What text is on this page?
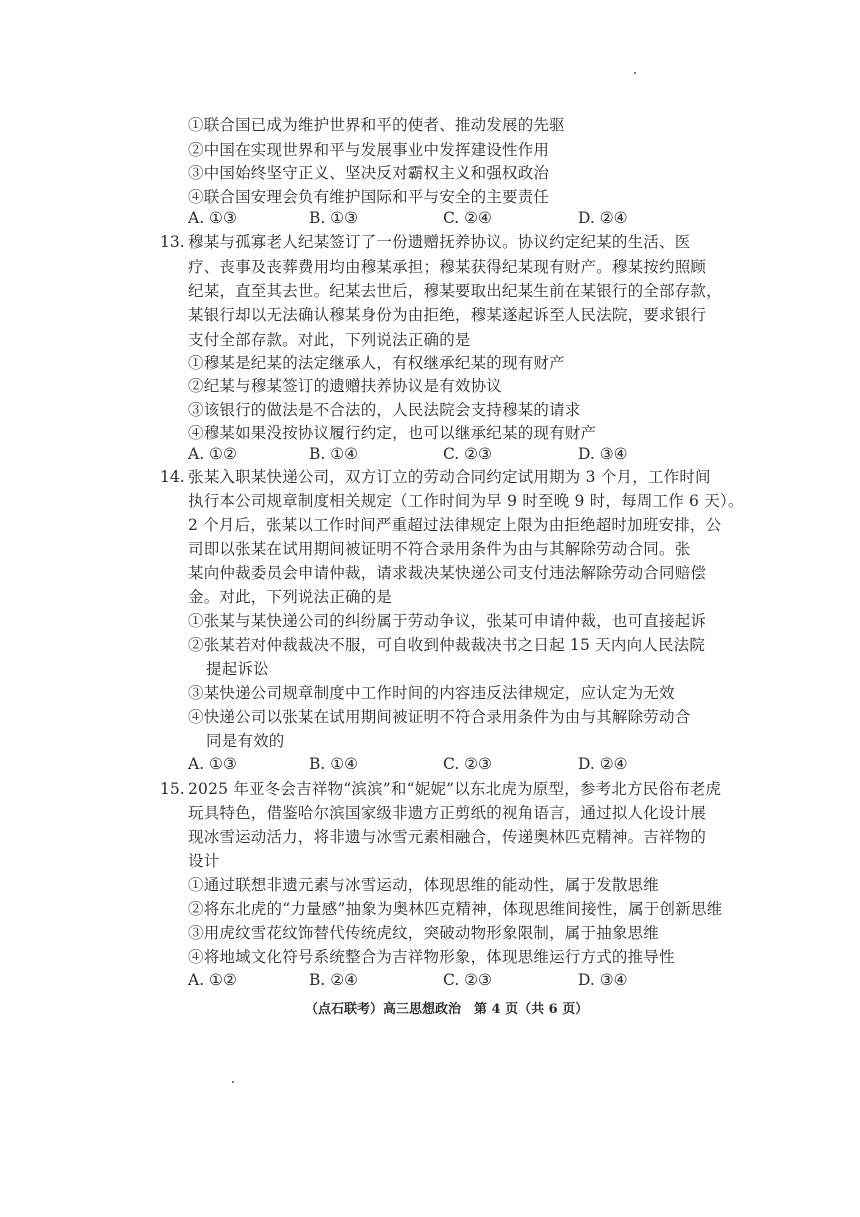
①联合国已成为维护世界和平的使者、推动发展的先驱
②中国在实现世界和平与发展事业中发挥建设性作用
③中国始终坚守正义、坚决反对霸权主义和强权政治
④联合国安理会负有维护国际和平与安全的主要责任
A. ①③	B. ①③	C. ②④	D. ②④
13. 穆某与孤寡老人纪某签订了一份遗赠抚养协议。协议约定纪某的生活、医
疗、丧事及丧葬费用均由穆某承担；穆某获得纪某现有财产。穆某按约照顾
纪某，直至其去世。纪某去世后，穆某要取出纪某生前在某银行的全部存款，
某银行却以无法确认穆某身份为由拒绝，穆某遂起诉至人民法院，要求银行
支付全部存款。对此，下列说法正确的是
①穆某是纪某的法定继承人，有权继承纪某的现有财产
②纪某与穆某签订的遗赠扶养协议是有效协议
③该银行的做法是不合法的，人民法院会支持穆某的请求
④穆某如果没按协议履行约定，也可以继承纪某的现有财产
A. ①②	B. ①④	C. ②③	D. ③④
14. 张某入职某快递公司，双方订立的劳动合同约定试用期为 3 个月，工作时间
执行本公司规章制度相关规定（工作时间为早 9 时至晚 9 时，每周工作 6 天）。
2 个月后，张某以工作时间严重超过法律规定上限为由拒绝超时加班安排，公
司即以张某在试用期间被证明不符合录用条件为由与其解除劳动合同。张
某向仲裁委员会申请仲裁，请求裁决某快递公司支付违法解除劳动合同赔偿
金。对此，下列说法正确的是
①张某与某快递公司的纠纷属于劳动争议，张某可申请仲裁，也可直接起诉
②张某若对仲裁裁决不服，可自收到仲裁裁决书之日起 15 天内向人民法院
提起诉讼
③某快递公司规章制度中工作时间的内容违反法律规定，应认定为无效
④快递公司以张某在试用期间被证明不符合录用条件为由与其解除劳动合
同是有效的
A. ①③	B. ①④	C. ②③	D. ②④
15. 2025 年亚冬会吉祥物“滨滨”和“妮妮”以东北虎为原型，参考北方民俗布老虎
玩具特色，借鉴哈尔滨国家级非遗方正剪纸的视角语言，通过拟人化设计展
现冰雪运动活力，将非遗与冰雪元素相融合，传递奥林匹克精神。吉祥物的
设计
①通过联想非遗元素与冰雪运动，体现思维的能动性，属于发散思维
②将东北虎的“力量感”抽象为奥林匹克精神，体现思维间接性，属于创新思维
③用虎纹雪花纹饰替代传统虎纹，突破动物形象限制，属于抽象思维
④将地域文化符号系统整合为吉祥物形象，体现思维运行方式的推导性
A. ①②	B. ②④	C. ②③	D. ③④
（点石联考）高三思想政治　第 4 页（共 6 页）
